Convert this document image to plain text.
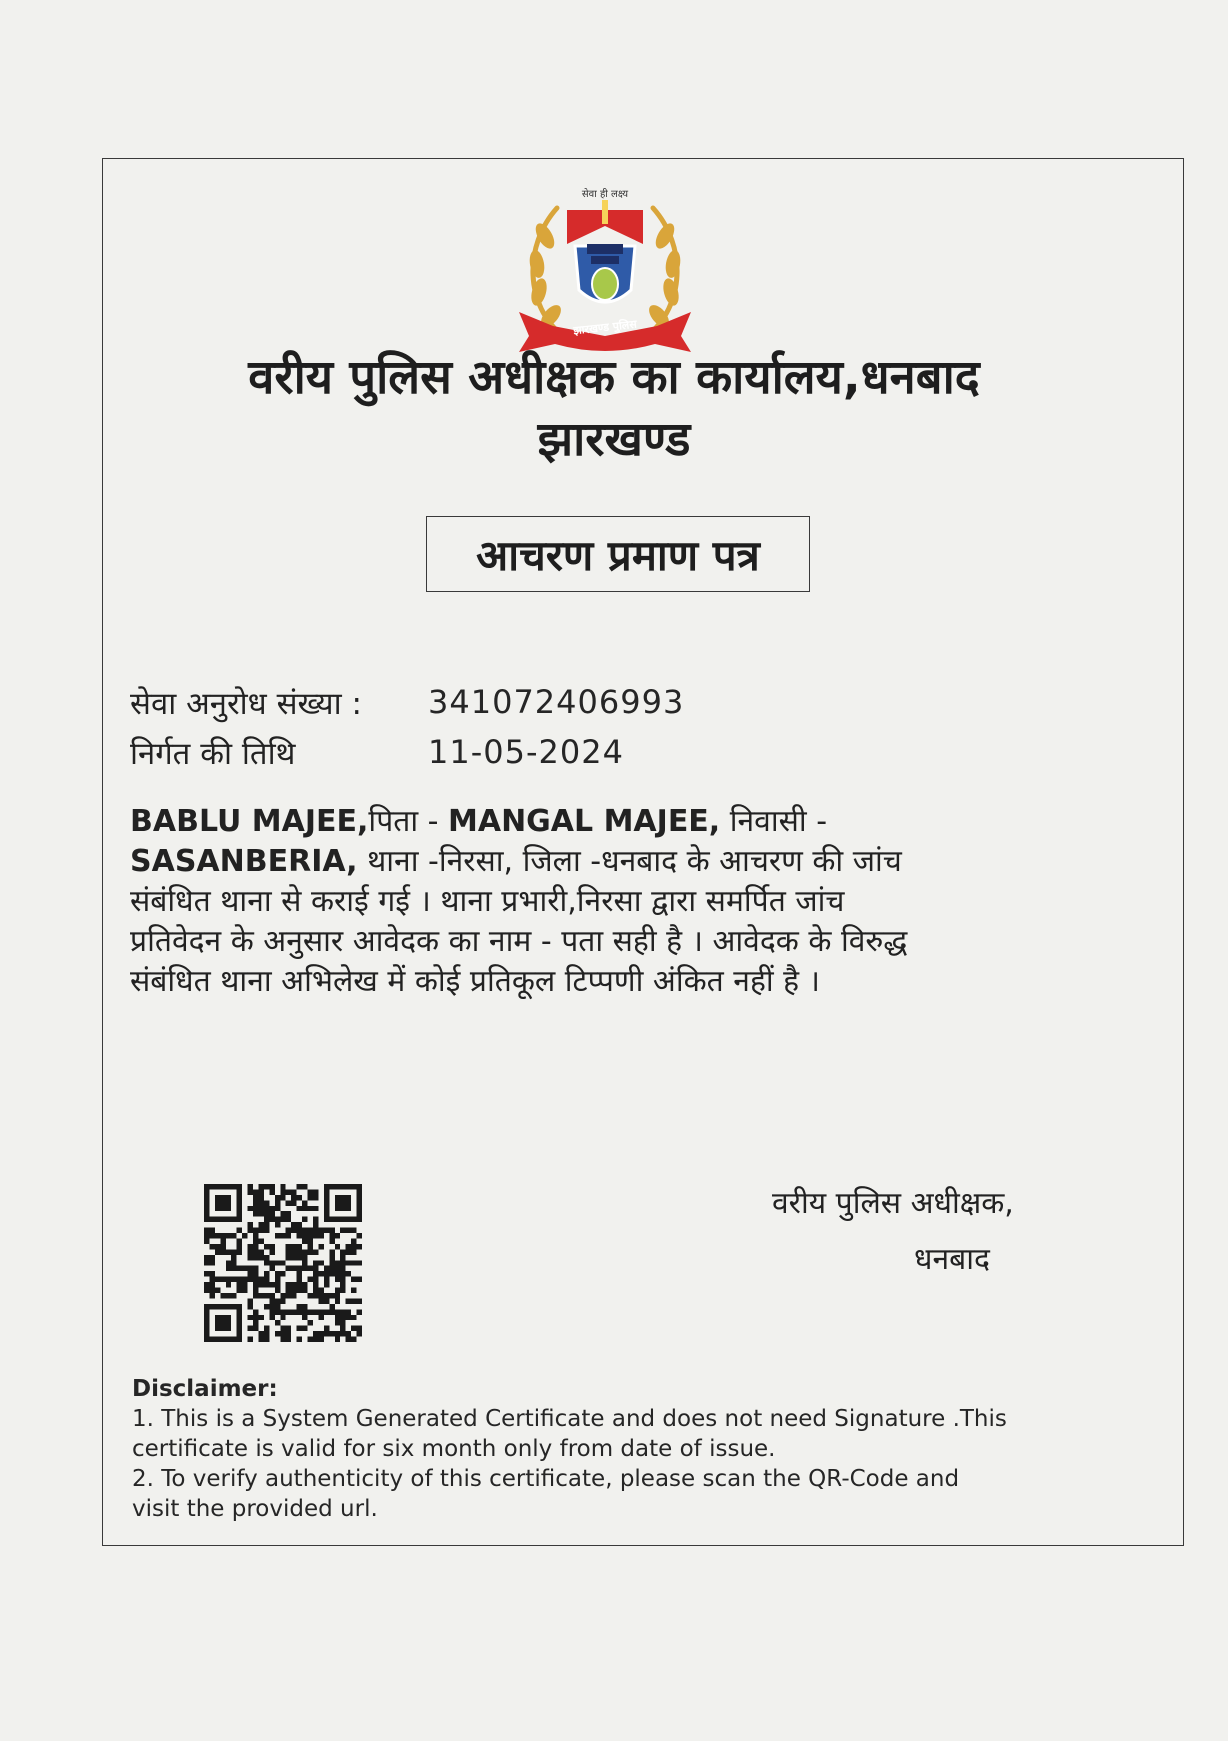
सेवा ही लक्ष्य
झारखण्ड पुलिस
वरीय पुलिस अधीक्षक का कार्यालय,धनबाद
झारखण्ड
आचरण प्रमाण पत्र
सेवा अनुरोध संख्या : 341072406993
निर्गत की तिथि	11-05-2024
BABLU MAJEE,पिता - MANGAL MAJEE, निवासी -
SASANBERIA, थाना -निरसा, जिला -धनबाद के आचरण की जांच
संबंधित थाना से कराई गई । थाना प्रभारी,निरसा द्वारा समर्पित जांच
प्रतिवेदन के अनुसार आवेदक का नाम - पता सही है । आवेदक के विरुद्ध
संबंधित थाना अभिलेख में कोई प्रतिकूल टिप्पणी अंकित नहीं है ।
वरीय पुलिस अधीक्षक,
धनबाद
Disclaimer:
1. This is a System Generated Certificate and does not need Signature .This
certificate is valid for six month only from date of issue.
2. To verify authenticity of this certificate, please scan the QR-Code and
visit the provided url.
